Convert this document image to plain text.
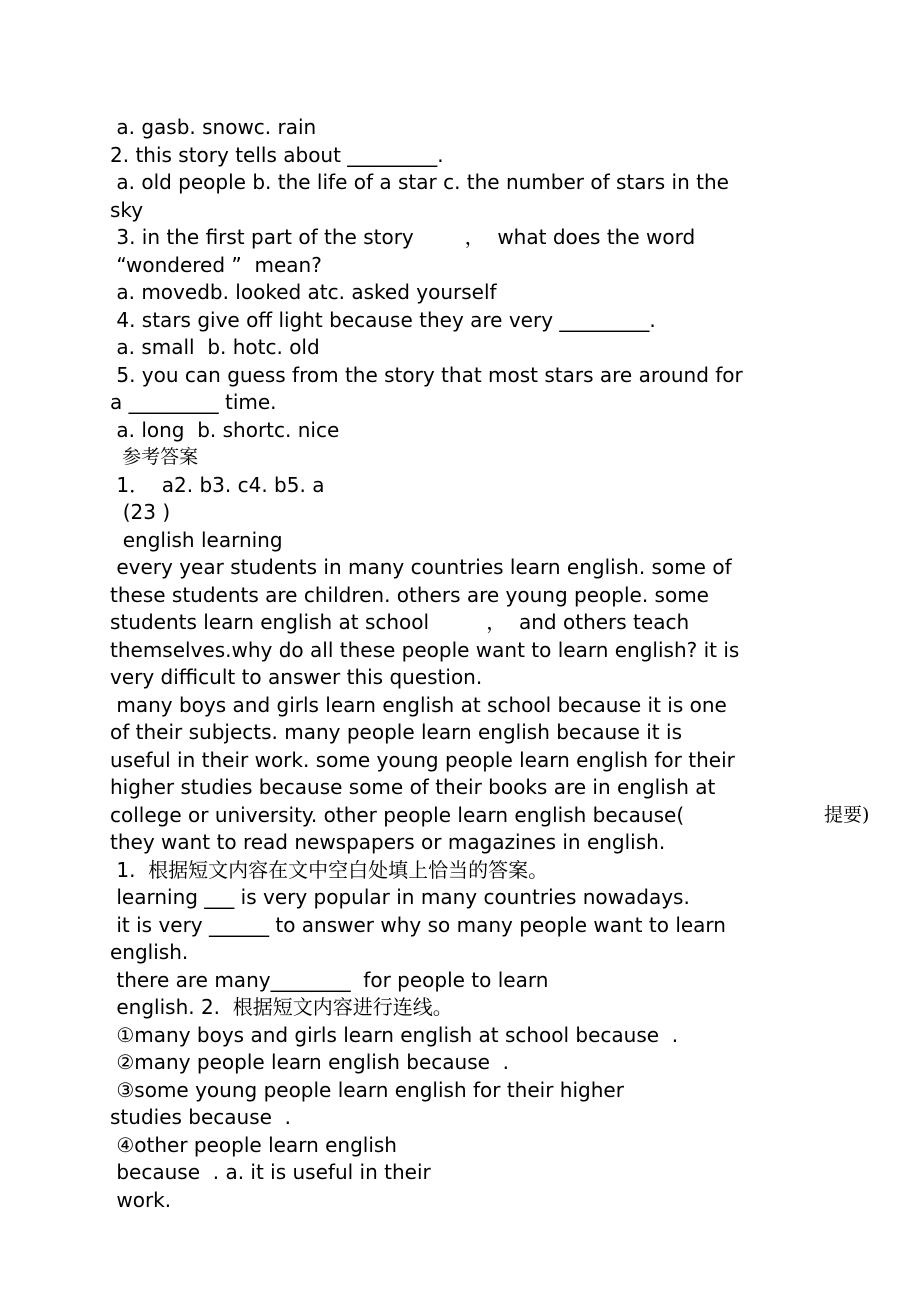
a. gasb. snowc. rain

2. this story tells about _________.

a. old people b. the life of a star c. the number of stars in the

sky

3. in the first part of the story        ，  what does the word

“wondered ”  mean?

a. movedb. looked atc. asked yourself

4. stars give off light because they are very _________.

a. small  b. hotc. old

5. you can guess from the story that most stars are around for

a _________ time.

a. long  b. shortc. nice

参考答案

1．  a2. b3. c4. b5. a

(23 )

english learning

every year students in many countries learn english. some of

these students are children. others are young people. some

students learn english at school         ，  and others teach

themselves.why do all these people want to learn english? it is

very difficult to answer this question.

many boys and girls learn english at school because it is one

of their subjects. many people learn english because it is

useful in their work. some young people learn english for their

higher studies because some of their books are in english at

college or university. other people learn english because(

they want to read newspapers or magazines in english.

1.  根据短文内容在文中空白处填上恰当的答案。

learning ___ is very popular in many countries nowadays.

it is very ______ to answer why so many people want to learn

english.

there are many________  for people to learn

english. 2.  根据短文内容进行连线。

①many boys and girls learn english at school because  .

②many people learn english because  .

③some young people learn english for their higher

studies because  .

④other people learn english

because  . a. it is useful in their

work.

提要)
